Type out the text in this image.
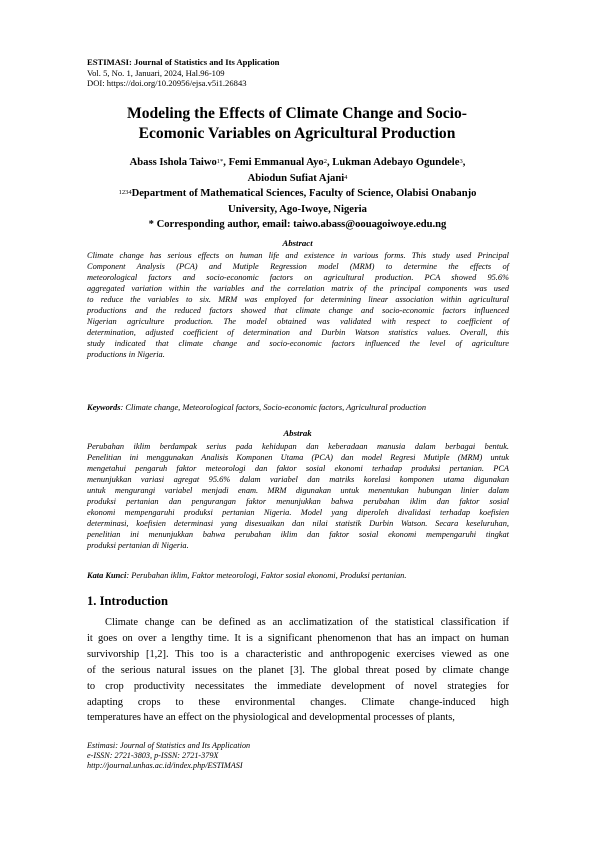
ESTIMASI: Journal of Statistics and Its Application
Vol. 5, No. 1, Januari, 2024, Hal.96-109
DOI: https://doi.org/10.20956/ejsa.v5i1.26843
Modeling the Effects of Climate Change and Socio-
Ecomonic Variables on Agricultural Production
Abass Ishola Taiwo$^{1*}$, Femi Emmanual Ayo$^2$, Lukman Adebayo Ogundele$^3$,
Abiodun Sufiat Ajani$^4$
$^{1234}$Department of Mathematical Sciences, Faculty of Science, Olabisi Onabanjo
University, Ago-Iwoye, Nigeria
* Corresponding author, email: taiwo.abass@oouagoiwoye.edu.ng
Abstract
Climate change has serious effects on human life and existence in various forms. This study used Principal
Component Analysis (PCA) and Mutiple Regression model (MRM) to determine the effects of
meteorological factors and socio-economic factors on agricultural production. PCA showed 95.6%
aggregated variation within the variables and the correlation matrix of the principal components was used
to reduce the variables to six. MRM was employed for determining linear association within agricultural
productions and the reduced factors showed that climate change and socio-economic factors influenced
Nigerian agriculture production. The model obtained was validated with respect to coefficient of
determination, adjusted coefficient of determination and Durbin Watson statistics values. Overall, this
study indicated that climate change and socio-economic factors influenced the level of agriculture
productions in Nigeria.
Keywords: Climate change, Meteorological factors, Socio-economic factors, Agricultural production
Abstrak
Perubahan iklim berdampak serius pada kehidupan dan keberadaan manusia dalam berbagai bentuk.
Penelitian ini menggunakan Analisis Komponen Utama (PCA) dan model Regresi Mutiple (MRM) untuk
mengetahui pengaruh faktor meteorologi dan faktor sosial ekonomi terhadap produksi pertanian. PCA
menunjukkan variasi agregat 95.6% dalam variabel dan matriks korelasi komponen utama digunakan
untuk mengurangi variabel menjadi enam. MRM digunakan untuk menentukan hubungan linier dalam
produksi pertanian dan pengurangan faktor menunjukkan bahwa perubahan iklim dan faktor sosial
ekonomi mempengaruhi produksi pertanian Nigeria. Model yang diperoleh divalidasi terhadap koefisien
determinasi, koefisien determinasi yang disesuaikan dan nilai statistik Durbin Watson. Secara keseluruhan,
penelitian ini menunjukkan bahwa perubahan iklim dan faktor sosial ekonomi mempengaruhi tingkat
produksi pertanian di Nigeria.
Kata Kunci: Perubahan iklim, Faktor meteorologi, Faktor sosial ekonomi, Produksi pertanian.
1. Introduction
Climate change can be defined as an acclimatization of the statistical classification if
it goes on over a lengthy time. It is a significant phenomenon that has an impact on human
survivorship [1,2]. This too is a characteristic and anthropogenic exercises viewed as one
of the serious natural issues on the planet [3]. The global threat posed by climate change
to crop productivity necessitates the immediate development of novel strategies for
adapting crops to these environmental changes. Climate change-induced high
temperatures have an effect on the physiological and developmental processes of plants,
Estimasi: Journal of Statistics and Its Application
e-ISSN: 2721-3803, p-ISSN: 2721-379X
http://journal.unhas.ac.id/index.php/ESTIMASI
